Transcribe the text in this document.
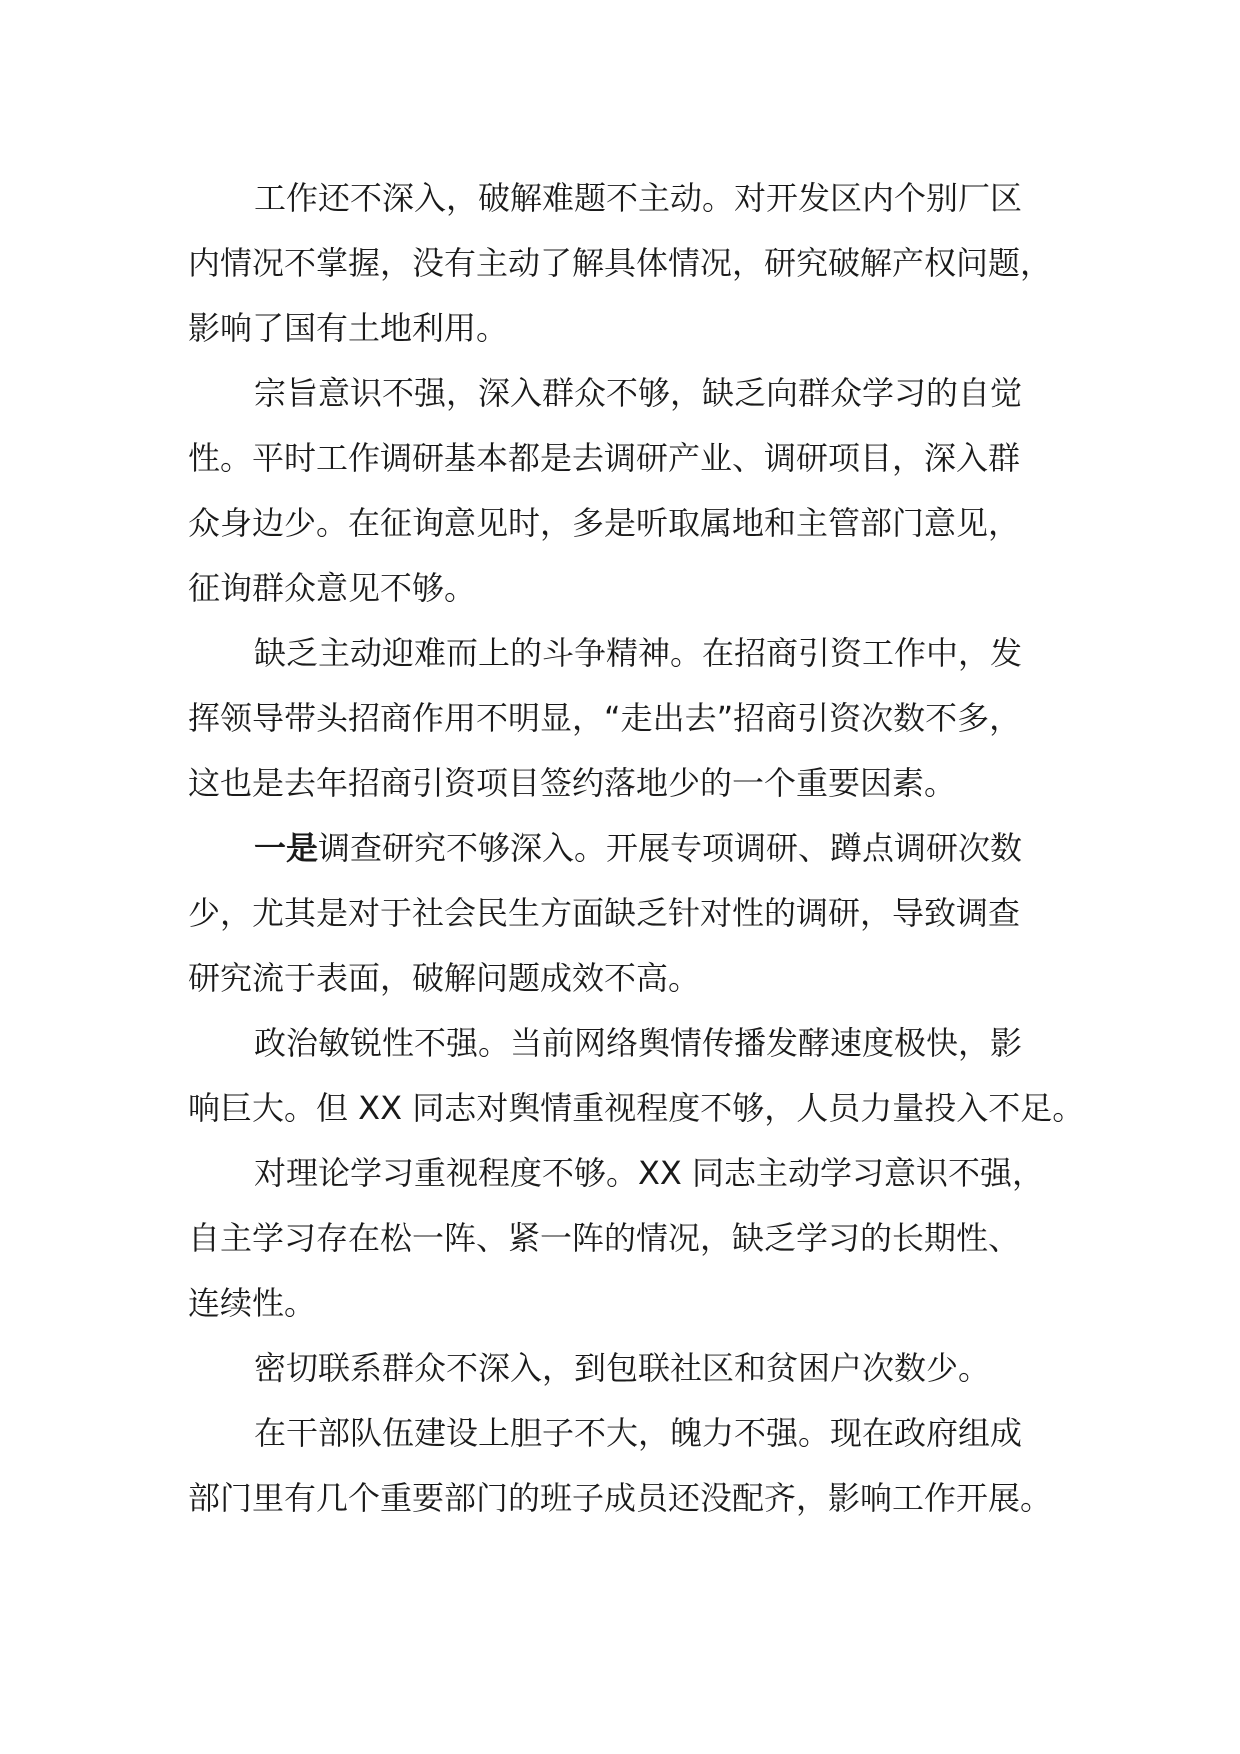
工作还不深入，破解难题不主动。对开发区内个别厂区
内情况不掌握，没有主动了解具体情况，研究破解产权问题，
影响了国有土地利用。

宗旨意识不强，深入群众不够，缺乏向群众学习的自觉
性。平时工作调研基本都是去调研产业、调研项目，深入群
众身边少。在征询意见时，多是听取属地和主管部门意见，
征询群众意见不够。

缺乏主动迎难而上的斗争精神。在招商引资工作中，发
挥领导带头招商作用不明显，“走出去”招商引资次数不多，
这也是去年招商引资项目签约落地少的一个重要因素。

一是调查研究不够深入。开展专项调研、蹲点调研次数
少，尤其是对于社会民生方面缺乏针对性的调研，导致调查
研究流于表面，破解问题成效不高。

政治敏锐性不强。当前网络舆情传播发酵速度极快，影
响巨大。但 XX 同志对舆情重视程度不够，人员力量投入不足。

对理论学习重视程度不够。XX 同志主动学习意识不强，
自主学习存在松一阵、紧一阵的情况，缺乏学习的长期性、
连续性。

密切联系群众不深入，到包联社区和贫困户次数少。

在干部队伍建设上胆子不大，魄力不强。现在政府组成
部门里有几个重要部门的班子成员还没配齐，影响工作开展。
